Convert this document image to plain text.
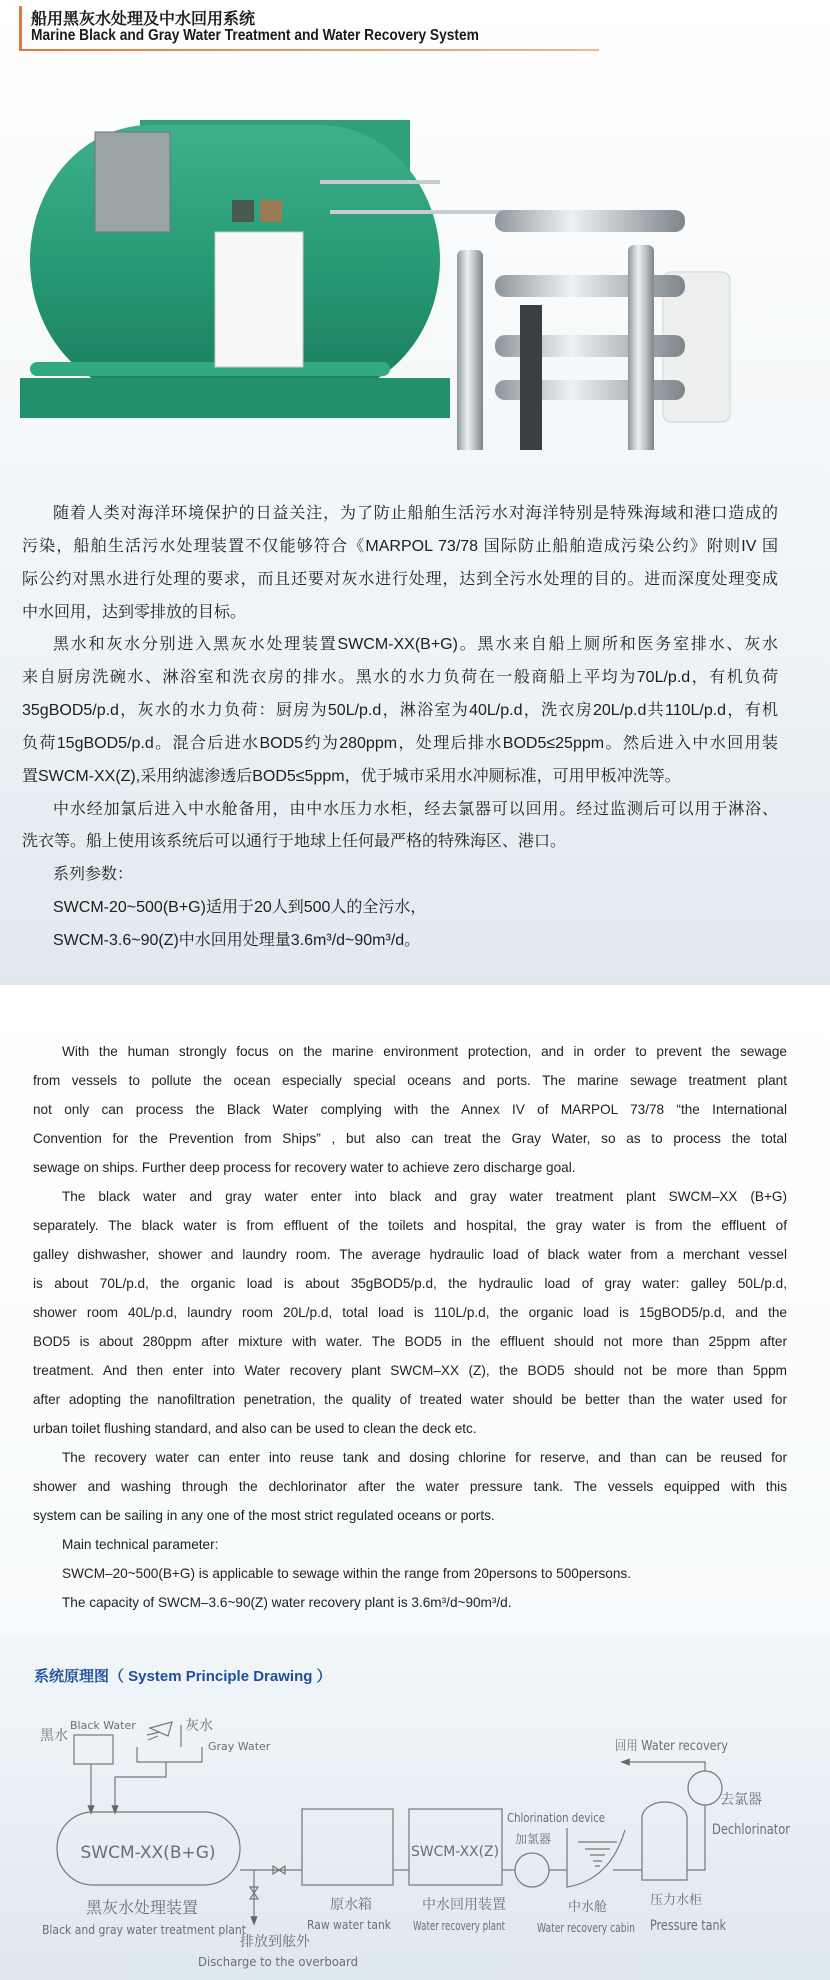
船用黑灰水处理及中水回用系统
Marine Black and Gray Water Treatment and Water Recovery System
随着人类对海洋环境保护的日益关注，为了防止船舶生活污水对海洋特别是特殊海域和港口造成的
污染，船舶生活污水处理装置不仅能够符合《MARPOL 73/78 国际防止船舶造成污染公约》附则IV 国
际公约对黑水进行处理的要求，而且还要对灰水进行处理，达到全污水处理的目的。进而深度处理变成
中水回用，达到零排放的目标。
黑水和灰水分别进入黑灰水处理装置SWCM-XX(B+G)。黑水来自船上厕所和医务室排水、灰水
来自厨房洗碗水、淋浴室和洗衣房的排水。黑水的水力负荷在一般商船上平均为70L/p.d，有机负荷
35gBOD5/p.d，灰水的水力负荷：厨房为50L/p.d，淋浴室为40L/p.d，洗衣房20L/p.d共110L/p.d，有机
负荷15gBOD5/p.d。混合后进水BOD5约为280ppm，处理后排水BOD5≤25ppm。然后进入中水回用装
置SWCM-XX(Z),采用纳滤渗透后BOD5≤5ppm，优于城市采用水冲厕标准，可用甲板冲洗等。
中水经加氯后进入中水舱备用，由中水压力水柜，经去氯器可以回用。经过监测后可以用于淋浴、
洗衣等。船上使用该系统后可以通行于地球上任何最严格的特殊海区、港口。
系列参数：
SWCM-20~500(B+G)适用于20人到500人的全污水，
SWCM-3.6~90(Z)中水回用处理量3.6m³/d~90m³/d。
With the human strongly focus on the marine environment protection, and in order to prevent the sewage
from vessels to pollute the ocean especially special oceans and ports. The marine sewage treatment plant
not only can process the Black Water complying with the Annex IV of MARPOL 73/78 “the International
Convention for the Prevention from Ships” , but also can treat the Gray Water, so as to process the total
sewage on ships. Further deep process for recovery water to achieve zero discharge goal.
The black water and gray water enter into black and gray water treatment plant SWCM–XX (B+G)
separately. The black water is from effluent of the toilets and hospital, the gray water is from the effluent of
galley dishwasher, shower and laundry room. The average hydraulic load of black water from a merchant vessel
is about 70L/p.d, the organic load is about 35gBOD5/p.d, the hydraulic load of gray water: galley 50L/p.d,
shower room 40L/p.d, laundry room 20L/p.d, total load is 110L/p.d, the organic load is 15gBOD5/p.d, and the
BOD5 is about 280ppm after mixture with water. The BOD5 in the effluent should not more than 25ppm after
treatment. And then enter into Water recovery plant SWCM–XX (Z), the BOD5 should not be more than 5ppm
after adopting the nanofiltration penetration, the quality of treated water should be better than the water used for
urban toilet flushing standard, and also can be used to clean the deck etc.
The recovery water can enter into reuse tank and dosing chlorine for reserve, and than can be reused for
shower and washing through the dechlorinator after the water pressure tank. The vessels equipped with this
system can be sailing in any one of the most strict regulated oceans or ports.
Main technical parameter:
SWCM–20~500(B+G) is applicable to sewage within the range from 20persons to 500persons.
The capacity of SWCM–3.6~90(Z) water recovery plant is 3.6m³/d~90m³/d.
系统原理图（ System Principle Drawing ）
黑水
Black Water	灰水
Gray Water
SWCM-XX(B+G)
黑灰水处理装置
Black and gray water treatment plant
排放到舷外
Discharge to the overboard
原水箱
Raw water tank
SWCM-XX(Z)
中水回用装置
Water recovery plant
Chlorination device
加氯器
中水舱
Water recovery cabin
压力水柜
Pressure tank
去氯器
Dechlorinator
回用 Water recovery
